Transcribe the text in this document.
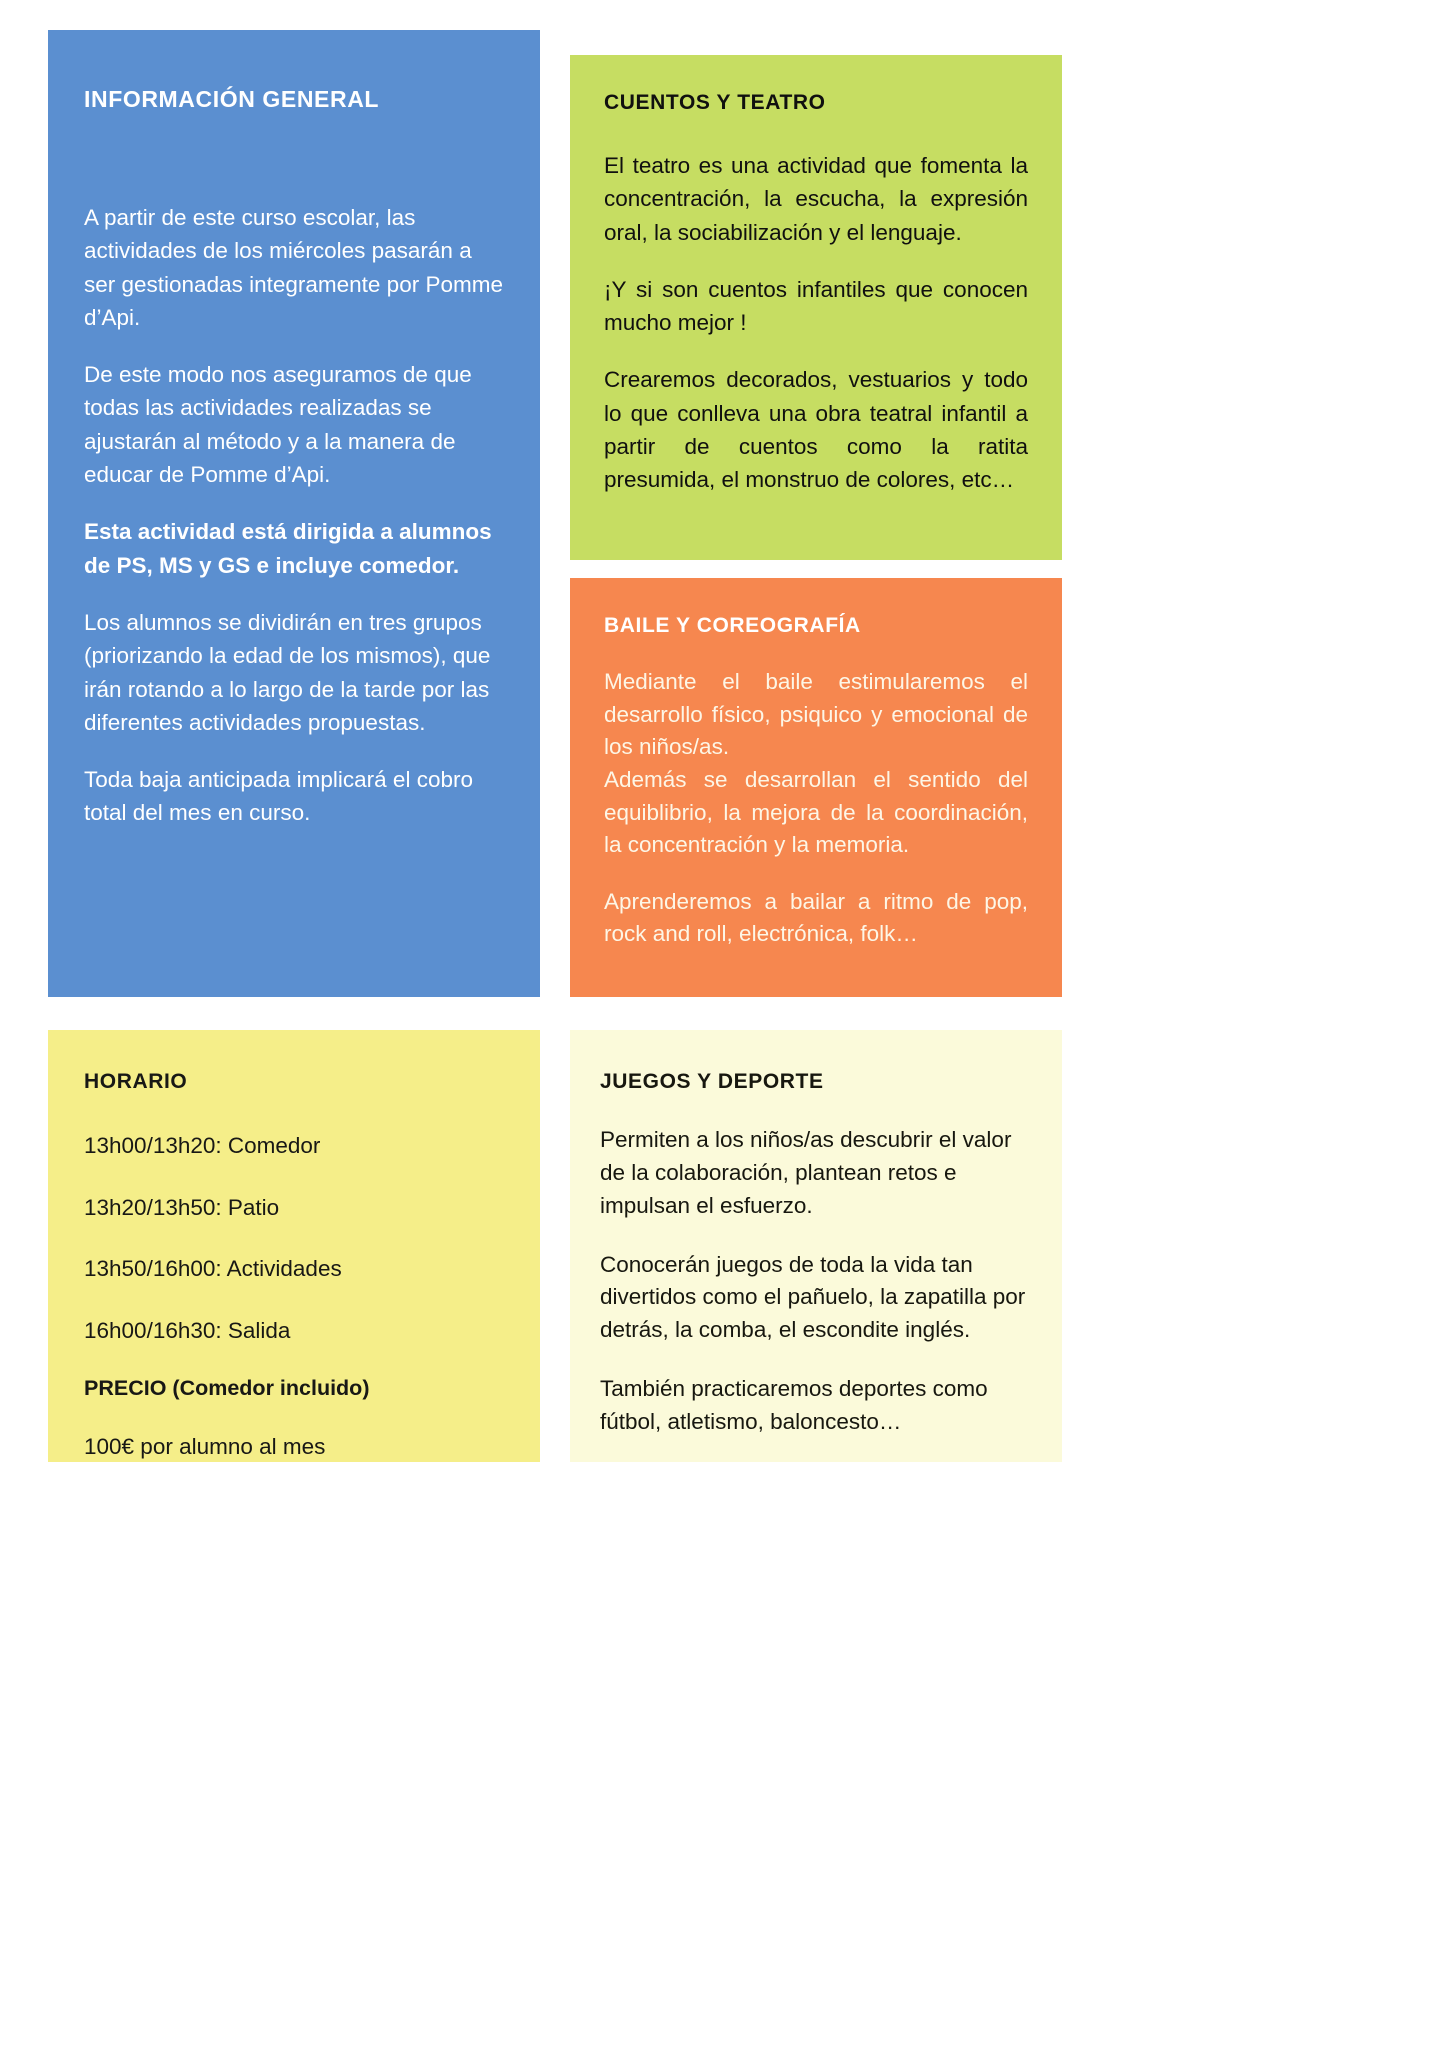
INFORMACIÓN GENERAL

A partir de este curso escolar, las actividades de los miércoles pasarán a ser gestionadas integramente por Pomme d’Api.

De este modo nos aseguramos de que todas las actividades realizadas se ajustarán al método y a la manera de educar de Pomme d’Api.

Esta actividad está dirigida a alumnos de PS, MS y GS e incluye comedor.

Los alumnos se dividirán en tres grupos (priorizando la edad de los mismos), que irán rotando a lo largo de la tarde por las diferentes actividades propuestas.

Toda baja anticipada implicará el cobro total del mes en curso.

CUENTOS Y TEATRO

El teatro es una actividad que fomenta la concentración, la escucha, la expresión oral, la sociabilización y el lenguaje.

¡Y si son cuentos infantiles que conocen mucho mejor !

Crearemos decorados, vestuarios y todo lo que conlleva una obra teatral infantil a partir de cuentos como la ratita presumida, el monstruo de colores, etc…

BAILE Y COREOGRAFÍA

Mediante el baile estimularemos el desarrollo físico, psiquico y emocional de los niños/as.

Además se desarrollan el sentido del equiblibrio, la mejora de la coordinación, la concentración y la memoria.

Aprenderemos a bailar a ritmo de pop, rock and roll, electrónica, folk…

HORARIO
13h00/13h20: Comedor
13h20/13h50: Patio
13h50/16h00: Actividades
16h00/16h30: Salida
PRECIO (Comedor incluido)
100€ por alumno al mes
JUEGOS Y DEPORTE

Permiten a los niños/as descubrir el valor de la colaboración, plantean retos e impulsan el esfuerzo.

Conocerán juegos de toda la vida tan divertidos como el pañuelo, la zapatilla por detrás, la comba, el escondite inglés.

También practicaremos deportes como fútbol, atletismo, baloncesto…
